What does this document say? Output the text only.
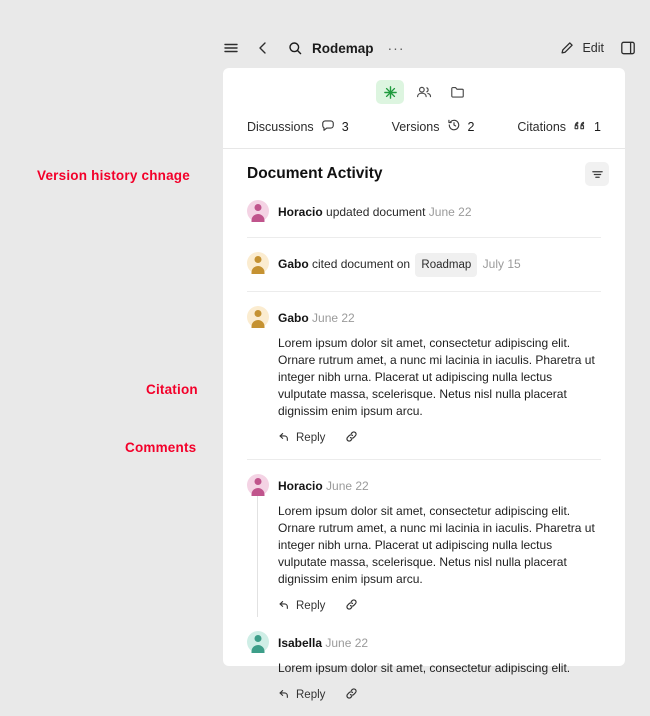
Version history chnage
Citation
Comments
Rodemap ···	Edit
Discussions 3	Versions 2	Citations 1
Document Activity
Horacio updated document June 22
Gabo cited document on Roadmap July 15
Gabo June 22
Lorem ipsum dolor sit amet, consectetur adipiscing elit. Ornare rutrum amet, a nunc mi lacinia in iaculis. Pharetra ut integer nibh urna. Placerat ut adipiscing nulla lectus vulputate massa, scelerisque. Netus nisl nulla placerat dignissim enim ipsum arcu.
Reply
Horacio June 22
Lorem ipsum dolor sit amet, consectetur adipiscing elit. Ornare rutrum amet, a nunc mi lacinia in iaculis. Pharetra ut integer nibh urna. Placerat ut adipiscing nulla lectus vulputate massa, scelerisque. Netus nisl nulla placerat dignissim enim ipsum arcu.
Reply
Isabella June 22
Lorem ipsum dolor sit amet, consectetur adipiscing elit.
Reply
